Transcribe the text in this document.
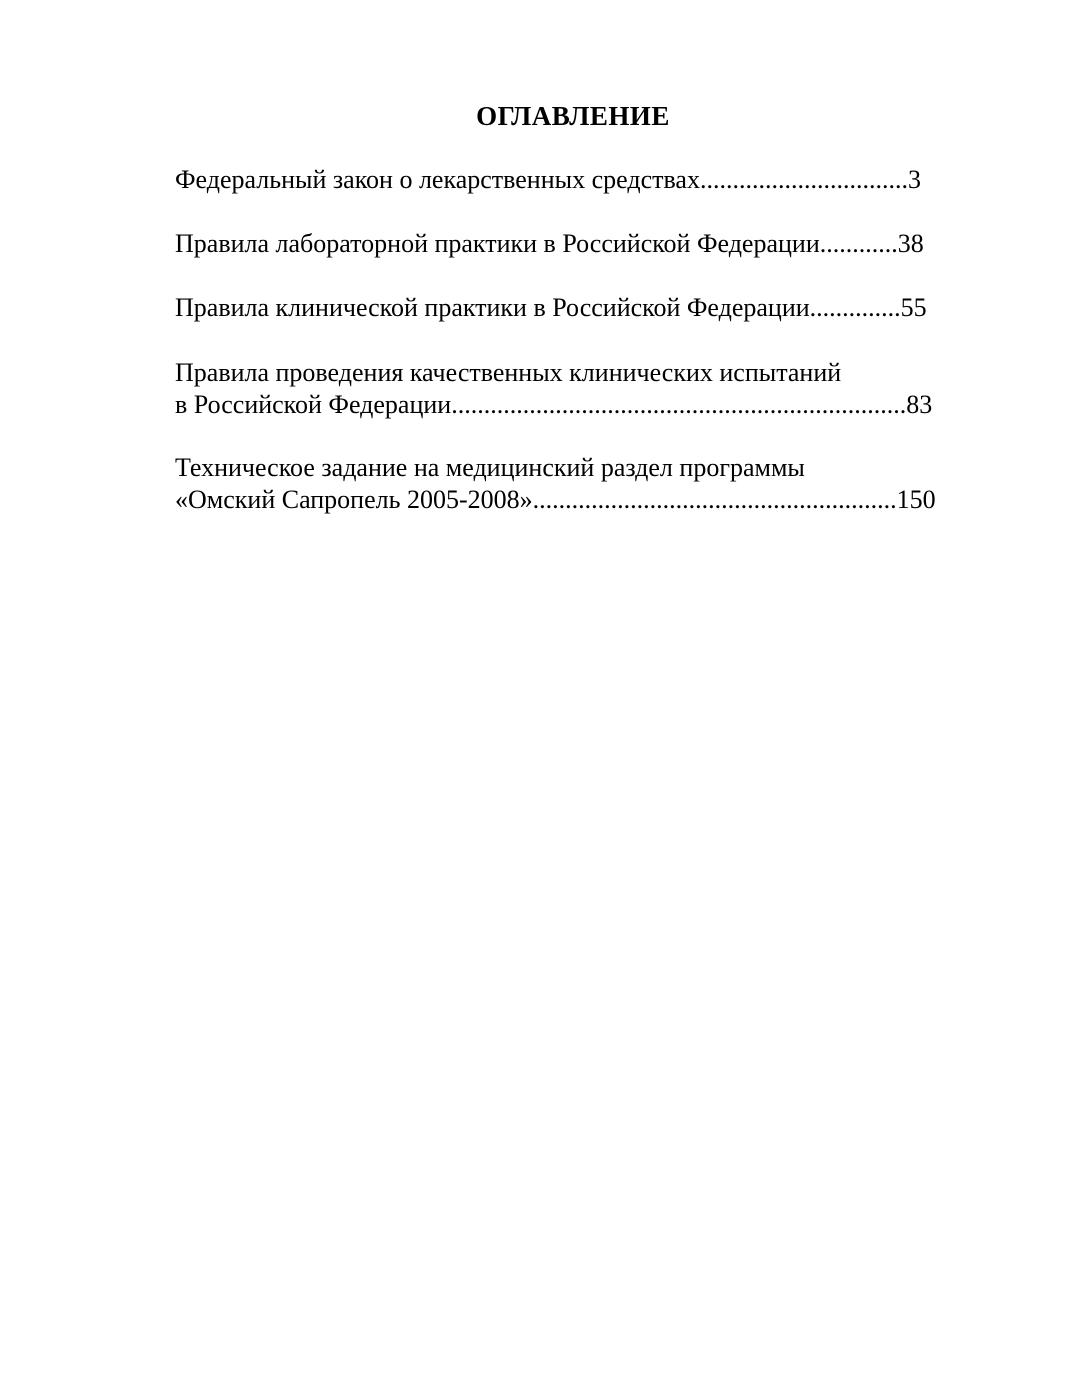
ОГЛАВЛЕНИЕ
Федеральный закон о лекарственных средствах................................3
Правила лабораторной практики в Российской Федерации............38
Правила клинической практики в Российской Федерации..............55
Правила проведения качественных клинических испытаний
в Российской Федерации......................................................................83
Техническое задание на медицинский раздел программы
«Омский Сапропель 2005-2008»........................................................150
